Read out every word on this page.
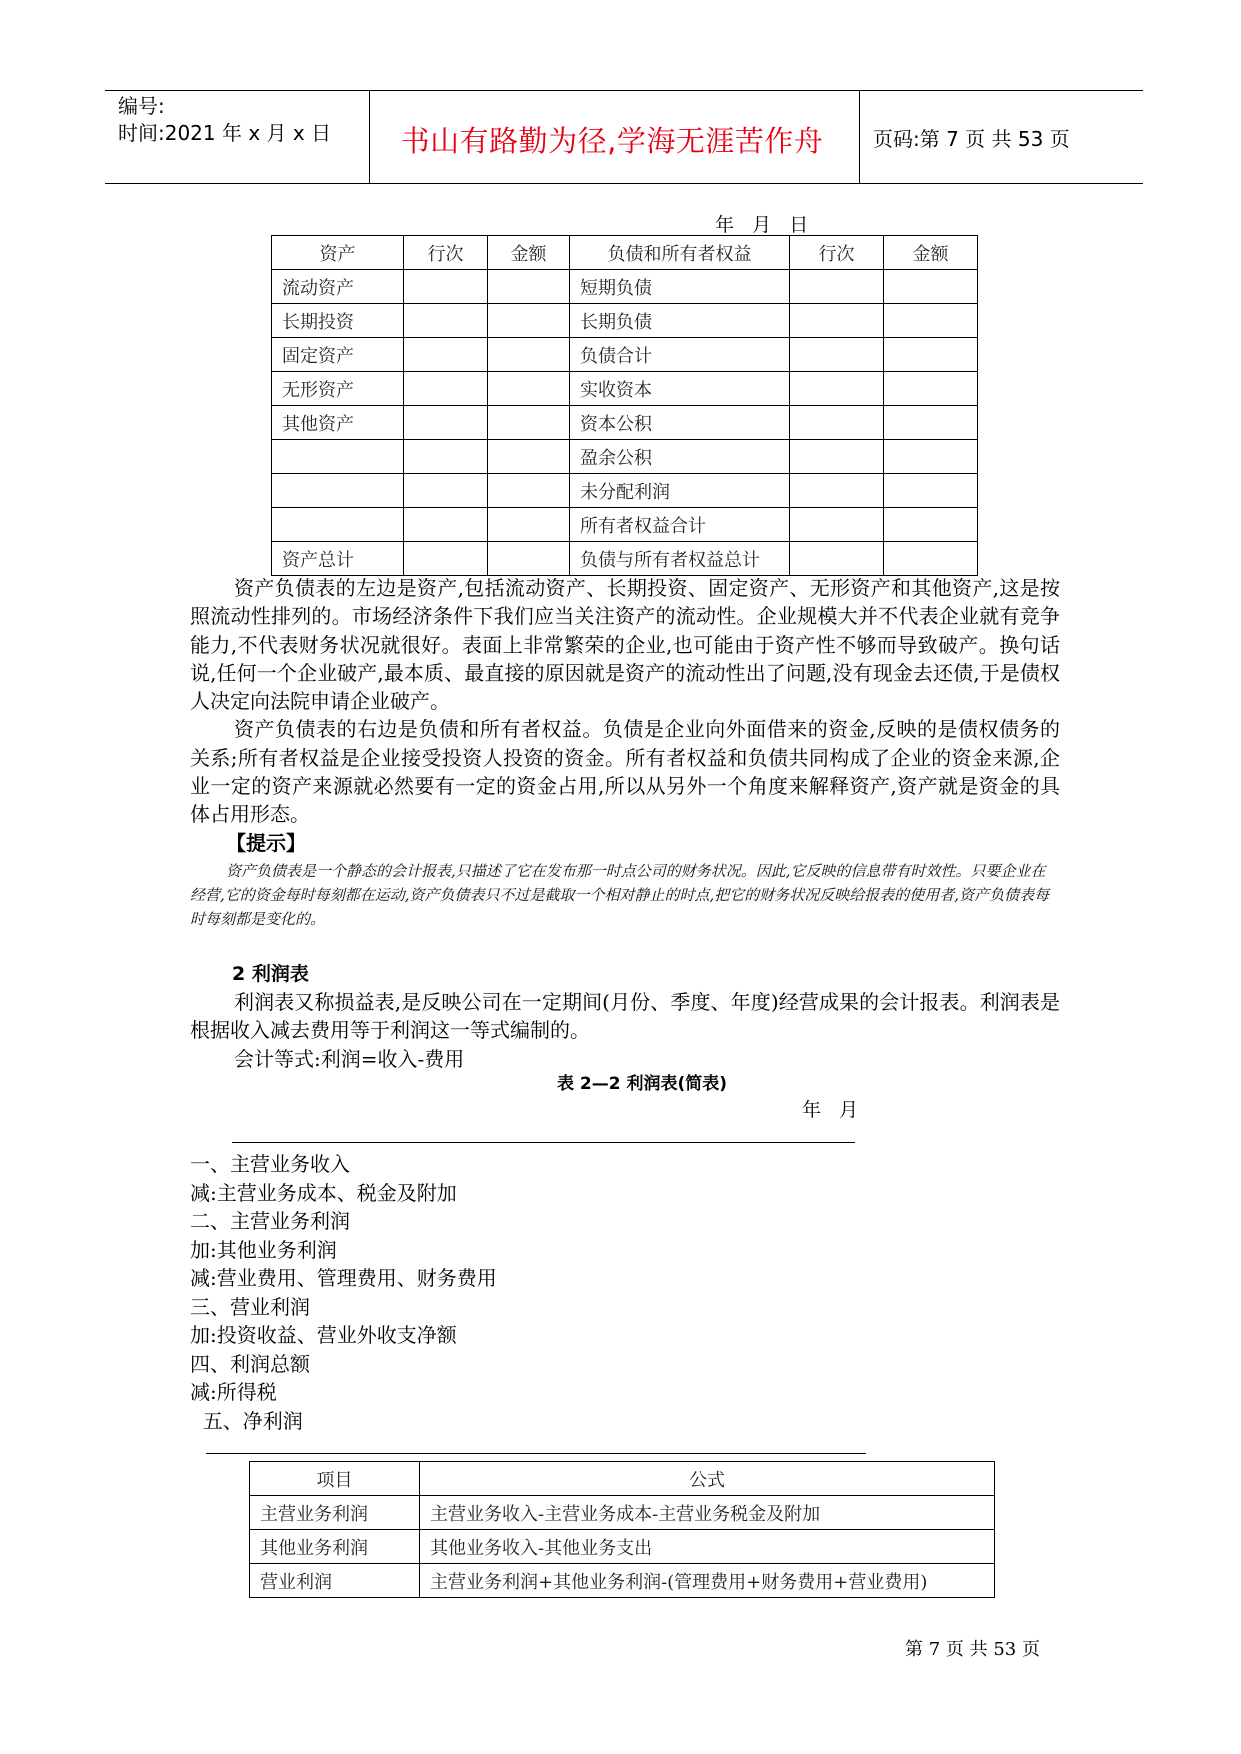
编号:
时间:2021 年 x 月 x 日	书山有路勤为径,学海无涯苦作舟	页码:第 7 页 共 53 页
年   月   日
资产	行次	金额	负债和所有者权益	行次	金额
流动资产			短期负债		
长期投资			长期负债		
固定资产			负债合计		
无形资产			实收资本		
其他资产			资本公积		
			盈余公积		
			未分配利润		
			所有者权益合计		
资产总计			负债与所有者权益总计		

资产负债表的左边是资产,包括流动资产、长期投资、固定资产、无形资产和其他资产,这是按照流动性排列的。市场经济条件下我们应当关注资产的流动性。企业规模大并不代表企业就有竞争能力,不代表财务状况就很好。表面上非常繁荣的企业,也可能由于资产性不够而导致破产。换句话说,任何一个企业破产,最本质、最直接的原因就是资产的流动性出了问题,没有现金去还债,于是债权人决定向法院申请企业破产。

资产负债表的右边是负债和所有者权益。负债是企业向外面借来的资金,反映的是债权债务的关系;所有者权益是企业接受投资人投资的资金。所有者权益和负债共同构成了企业的资金来源,企业一定的资产来源就必然要有一定的资金占用,所以从另外一个角度来解释资产,资产就是资金的具体占用形态。

【提示】

资产负债表是一个静态的会计报表,只描述了它在发布那一时点公司的财务状况。因此,它反映的信息带有时效性。只要企业在经营,它的资金每时每刻都在运动,资产负债表只不过是截取一个相对静止的时点,把它的财务状况反映给报表的使用者,资产负债表每时每刻都是变化的。

2 利润表

利润表又称损益表,是反映公司在一定期间(月份、季度、年度)经营成果的会计报表。利润表是根据收入减去费用等于利润这一等式编制的。

会计等式:利润=收入-费用

表 2—2 利润表(简表)
年   月
一、主营业务收入
减:主营业务成本、税金及附加
二、主营业务利润
加:其他业务利润
减:营业费用、管理费用、财务费用
三、营业利润
加:投资收益、营业外收支净额
四、利润总额
减:所得税
五、净利润
项目	公式
主营业务利润	主营业务收入-主营业务成本-主营业务税金及附加
其他业务利润	其他业务收入-其他业务支出
营业利润	主营业务利润+其他业务利润-(管理费用+财务费用+营业费用)
第 7 页 共 53 页
